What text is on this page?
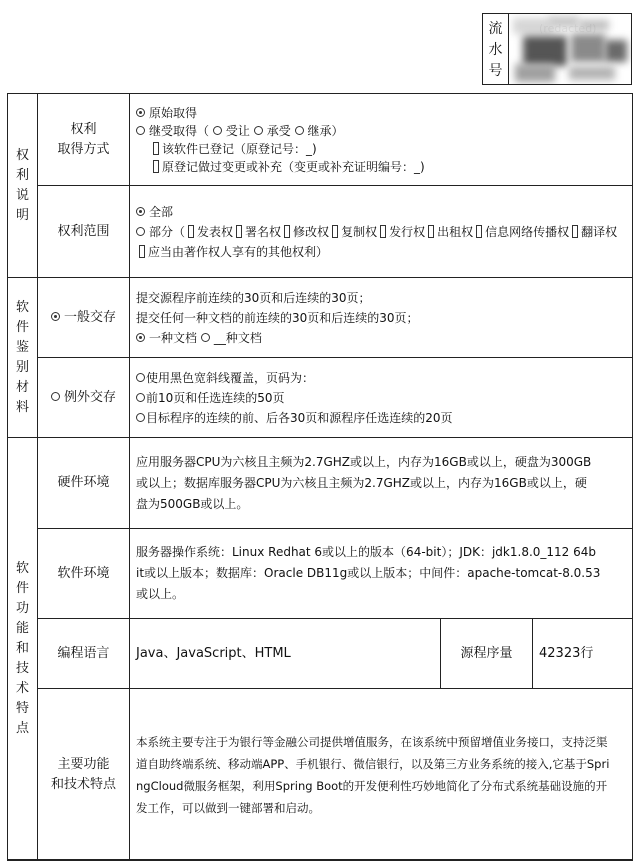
流
水
号
(redacted)
权
利
说
明
权利
取得方式
原始取得
继受取得（ 受让 承受 继承）
该软件已登记（原登记号：_)
原登记做过变更或补充（变更或补充证明编号：_)
权利范围
全部
部分（ 发表权 署名权 修改权 复制权 发行权 出租权 信息网络传播权 翻译权应当由著作权人享有的其他权利）
软
件
鉴
别
材
料
一般交存
提交源程序前连续的30页和后连续的30页；
提交任何一种文档的前连续的30页和后连续的30页；
一种文档 __种文档
例外交存
使用黑色宽斜线覆盖，页码为：
前10页和任选连续的50页
目标程序的连续的前、后各30页和源程序任选连续的20页
软
件
功
能
和
技
术
特
点
硬件环境
应用服务器CPU为六核且主频为2.7GHZ或以上，内存为16GB或以上，硬盘为300GB
或以上；数据库服务器CPU为六核且主频为2.7GHZ或以上，内存为16GB或以上，硬
盘为500GB或以上。
软件环境
服务器操作系统：Linux Redhat 6或以上的版本（64-bit）；JDK：jdk1.8.0_112 64b
it或以上版本；数据库：Oracle DB11g或以上版本；中间件：apache-tomcat-8.0.53
或以上。
编程语言 Java、JavaScript、HTML	源程序量 42323行
主要功能
和技术特点
本系统主要专注于为银行等金融公司提供增值服务，在该系统中预留增值业务接口，支持泛渠
道自助终端系统、移动端APP、手机银行、微信银行，以及第三方业务系统的接入,它基于Spri
ngCloud微服务框架，利用Spring Boot的开发便利性巧妙地简化了分布式系统基础设施的开
发工作，可以做到一键部署和启动。
